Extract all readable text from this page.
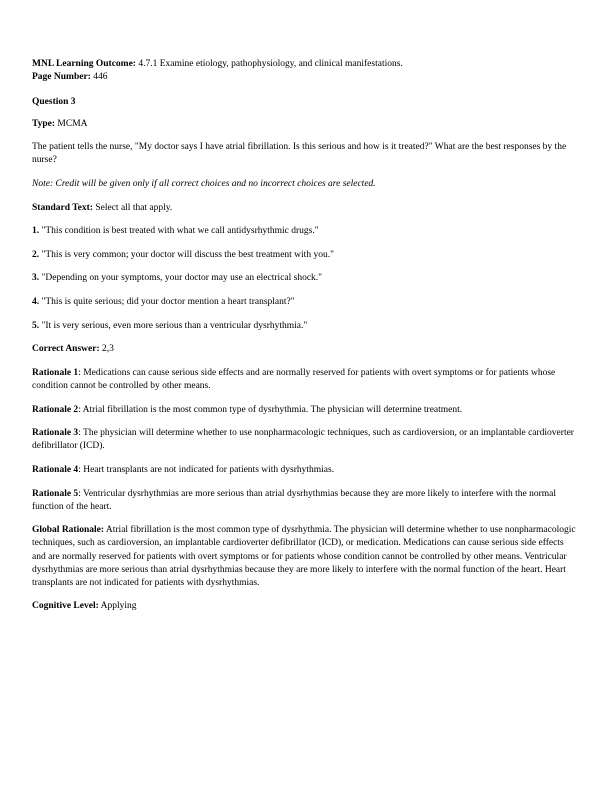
MNL Learning Outcome: 4.7.1 Examine etiology, pathophysiology, and clinical manifestations.
Page Number: 446
Question 3
Type: MCMA
The patient tells the nurse, "My doctor says I have atrial fibrillation. Is this serious and how is it treated?" What are the best responses by the nurse?
Note: Credit will be given only if all correct choices and no incorrect choices are selected.
Standard Text: Select all that apply.
1. "This condition is best treated with what we call antidysrhythmic drugs."
2. "This is very common; your doctor will discuss the best treatment with you."
3. "Depending on your symptoms, your doctor may use an electrical shock."
4. "This is quite serious; did your doctor mention a heart transplant?"
5. "It is very serious, even more serious than a ventricular dysrhythmia."
Correct Answer: 2,3
Rationale 1: Medications can cause serious side effects and are normally reserved for patients with overt symptoms or for patients whose condition cannot be controlled by other means.
Rationale 2: Atrial fibrillation is the most common type of dysrhythmia. The physician will determine treatment.
Rationale 3: The physician will determine whether to use nonpharmacologic techniques, such as cardioversion, or an implantable cardioverter defibrillator (ICD).
Rationale 4: Heart transplants are not indicated for patients with dysrhythmias.
Rationale 5: Ventricular dysrhythmias are more serious than atrial dysrhythmias because they are more likely to interfere with the normal function of the heart.
Global Rationale: Atrial fibrillation is the most common type of dysrhythmia. The physician will determine whether to use nonpharmacologic techniques, such as cardioversion, an implantable cardioverter defibrillator (ICD), or medication. Medications can cause serious side effects and are normally reserved for patients with overt symptoms or for patients whose condition cannot be controlled by other means. Ventricular dysrhythmias are more serious than atrial dysrhythmias because they are more likely to interfere with the normal function of the heart. Heart transplants are not indicated for patients with dysrhythmias.
Cognitive Level: Applying
